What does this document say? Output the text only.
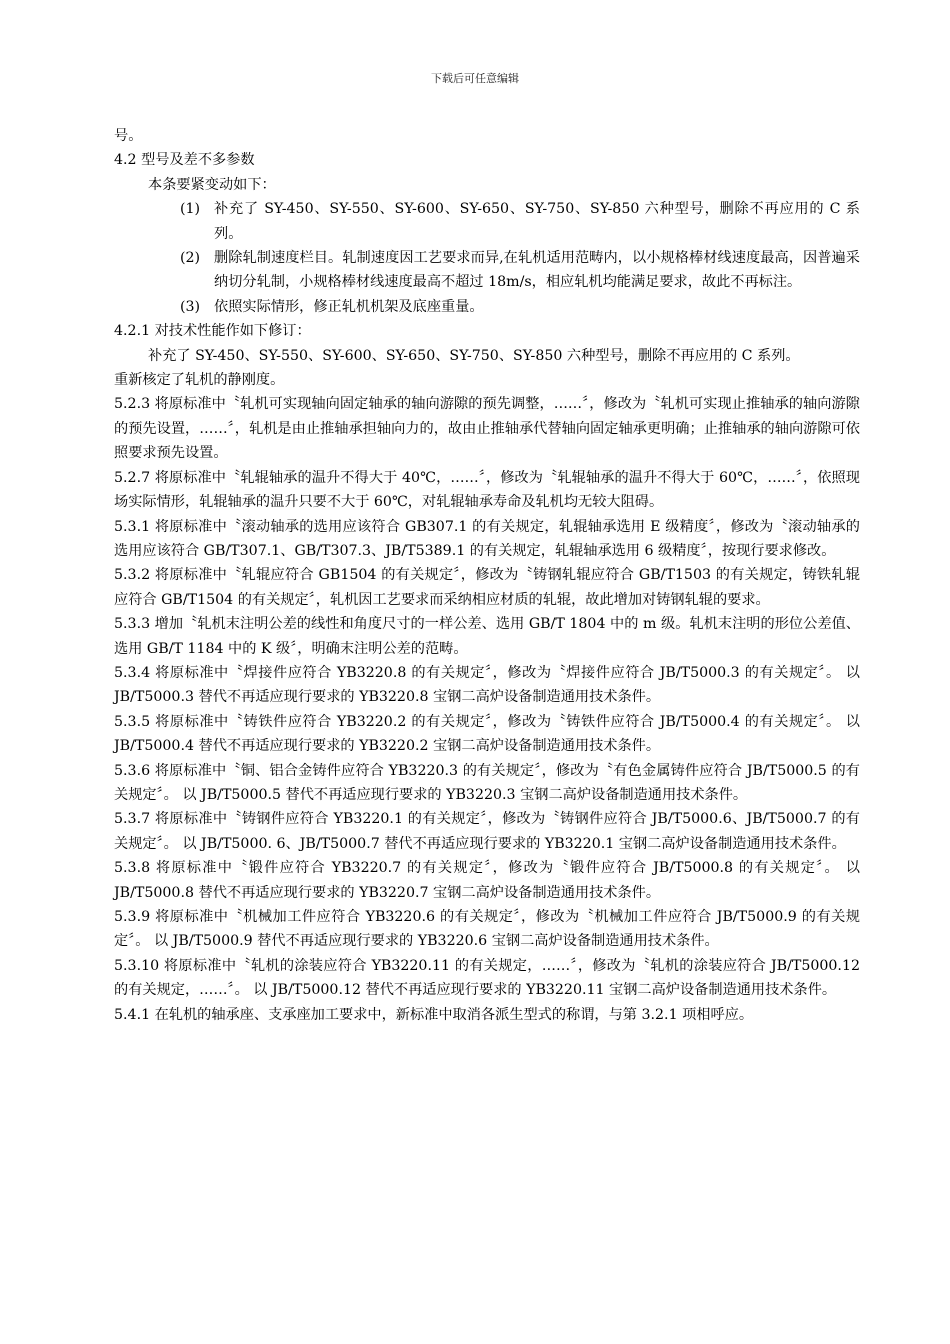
下载后可任意编辑

号。

4.2 型号及差不多参数

本条要紧变动如下：

(1) 补充了 SY-450、SY-550、SY-600、SY-650、SY-750、SY-850 六种型号，删除不再应用的 C 系列。
(2) 删除轧制速度栏目。轧制速度因工艺要求而异,在轧机适用范畴内，以小规格棒材线速度最高，因普遍采纳切分轧制，小规格棒材线速度最高不超过 18m/s，相应轧机均能满足要求，故此不再标注。
(3) 依照实际情形，修正轧机机架及底座重量。

4.2.1 对技术性能作如下修订：

补充了 SY-450、SY-550、SY-600、SY-650、SY-750、SY-850 六种型号，删除不再应用的 C 系列。

重新核定了轧机的静刚度。

5.2.3 将原标准中〝轧机可实现轴向固定轴承的轴向游隙的预先调整，……〞，修改为〝轧机可实现止推轴承的轴向游隙的预先设置，……〞，轧机是由止推轴承担轴向力的，故由止推轴承代替轴向固定轴承更明确；止推轴承的轴向游隙可依照要求预先设置。

5.2.7 将原标准中〝轧辊轴承的温升不得大于 40℃，……〞，修改为〝轧辊轴承的温升不得大于 60℃，……〞，依照现场实际情形，轧辊轴承的温升只要不大于 60℃，对轧辊轴承寿命及轧机均无较大阻碍。

5.3.1 将原标准中〝滚动轴承的选用应该符合 GB307.1 的有关规定，轧辊轴承选用 E 级精度〞，修改为〝滚动轴承的选用应该符合 GB/T307.1、GB/T307.3、JB/T5389.1 的有关规定，轧辊轴承选用 6 级精度〞，按现行要求修改。

5.3.2 将原标准中〝轧辊应符合 GB1504 的有关规定〞，修改为〝铸钢轧辊应符合 GB/T1503 的有关规定，铸铁轧辊应符合 GB/T1504 的有关规定〞，轧机因工艺要求而采纳相应材质的轧辊，故此增加对铸钢轧辊的要求。

5.3.3 增加〝轧机末注明公差的线性和角度尺寸的一样公差、选用 GB/T 1804 中的 m 级。轧机末注明的形位公差值、选用 GB/T 1184 中的 K 级〞，明确末注明公差的范畴。

5.3.4 将原标准中〝焊接件应符合 YB3220.8 的有关规定〞，修改为〝焊接件应符合 JB/T5000.3 的有关规定〞。 以 JB/T5000.3 替代不再适应现行要求的 YB3220.8 宝钢二高炉设备制造通用技术条件。

5.3.5 将原标准中〝铸铁件应符合 YB3220.2 的有关规定〞，修改为〝铸铁件应符合 JB/T5000.4 的有关规定〞。 以 JB/T5000.4 替代不再适应现行要求的 YB3220.2 宝钢二高炉设备制造通用技术条件。

5.3.6 将原标准中〝铜、铝合金铸件应符合 YB3220.3 的有关规定〞，修改为〝有色金属铸件应符合 JB/T5000.5 的有关规定〞。 以 JB/T5000.5 替代不再适应现行要求的 YB3220.3 宝钢二高炉设备制造通用技术条件。

5.3.7 将原标准中〝铸钢件应符合 YB3220.1 的有关规定〞，修改为〝铸钢件应符合 JB/T5000.6、JB/T5000.7 的有关规定〞。 以 JB/T5000. 6、JB/T5000.7 替代不再适应现行要求的 YB3220.1 宝钢二高炉设备制造通用技术条件。

5.3.8 将原标准中〝锻件应符合 YB3220.7 的有关规定〞，修改为〝锻件应符合 JB/T5000.8 的有关规定〞。 以 JB/T5000.8 替代不再适应现行要求的 YB3220.7 宝钢二高炉设备制造通用技术条件。

5.3.9 将原标准中〝机械加工件应符合 YB3220.6 的有关规定〞，修改为〝机械加工件应符合 JB/T5000.9 的有关规定〞。 以 JB/T5000.9 替代不再适应现行要求的 YB3220.6 宝钢二高炉设备制造通用技术条件。

5.3.10 将原标准中〝轧机的涂装应符合 YB3220.11 的有关规定，……〞，修改为〝轧机的涂装应符合 JB/T5000.12 的有关规定，……〞。 以 JB/T5000.12 替代不再适应现行要求的 YB3220.11 宝钢二高炉设备制造通用技术条件。

5.4.1 在轧机的轴承座、支承座加工要求中，新标准中取消各派生型式的称谓，与第 3.2.1 项相呼应。
